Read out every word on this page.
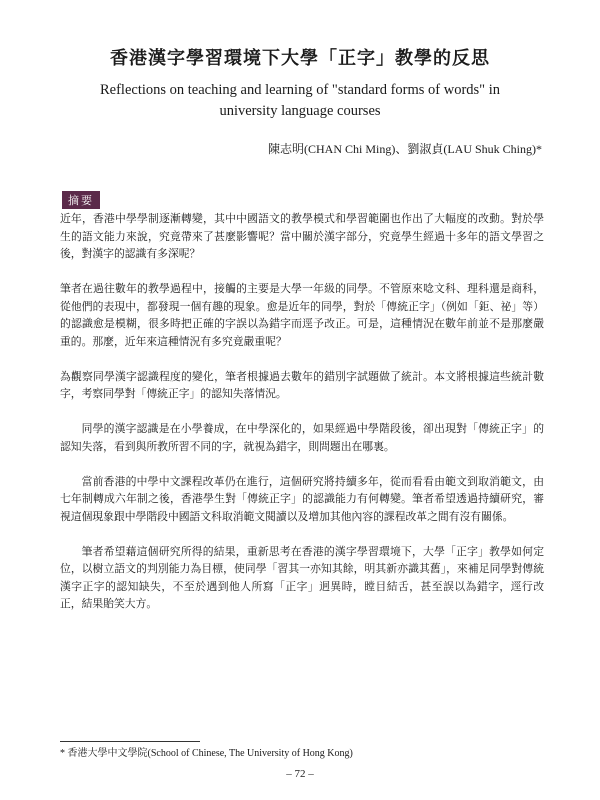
香港漢字學習環境下大學「正字」教學的反思
Reflections on teaching and learning of "standard forms of words" in university language courses
陳志明(CHAN Chi Ming)、劉淑貞(LAU Shuk Ching)*
摘要

近年，香港中學學制逐漸轉變，其中中國語文的教學模式和學習範圍也作出了大幅度的改動。對於學生的語文能力來說，究竟帶來了甚麼影響呢？當中關於漢字部分，究竟學生經過十多年的語文學習之後，對漢字的認識有多深呢？

筆者在過往數年的教學過程中，接觸的主要是大學一年級的同學。不管原來唸文科、理科還是商科，從他們的表現中，都發現一個有趣的現象。愈是近年的同學，對於「傳統正字」（例如「鉅、祕」等）的認識愈是模糊，很多時把正確的字誤以為錯字而逕予改正。可是，這種情況在數年前並不是那麼嚴重的。那麼，近年來這種情況有多究竟嚴重呢？

為觀察同學漢字認識程度的變化，筆者根據過去數年的錯別字試題做了統計。本文將根據這些統計數字，考察同學對「傳統正字」的認知失落情況。

同學的漢字認識是在小學養成，在中學深化的，如果經過中學階段後，卻出現對「傳統正字」的認知失落，看到與所教所習不同的字，就視為錯字，則問題出在哪裏。

當前香港的中學中文課程改革仍在進行，這個研究將持續多年，從而看看由範文到取消範文，由七年制轉成六年制之後，香港學生對「傳統正字」的認識能力有何轉變。筆者希望透過持續研究，審視這個現象跟中學階段中國語文科取消範文閱讀以及增加其他內容的課程改革之間有沒有關係。

筆者希望藉這個研究所得的結果，重新思考在香港的漢字學習環境下，大學「正字」教學如何定位，以樹立語文的判別能力為目標，使同學「習其一亦知其餘，明其新亦識其舊」，來補足同學對傳統漢字正字的認知缺失，不至於遇到他人所寫「正字」迥異時，瞠目結舌，甚至誤以為錯字，逕行改正，結果貽笑大方。

* 香港大學中文學院(School of Chinese, The University of Hong Kong)
– 72 –
